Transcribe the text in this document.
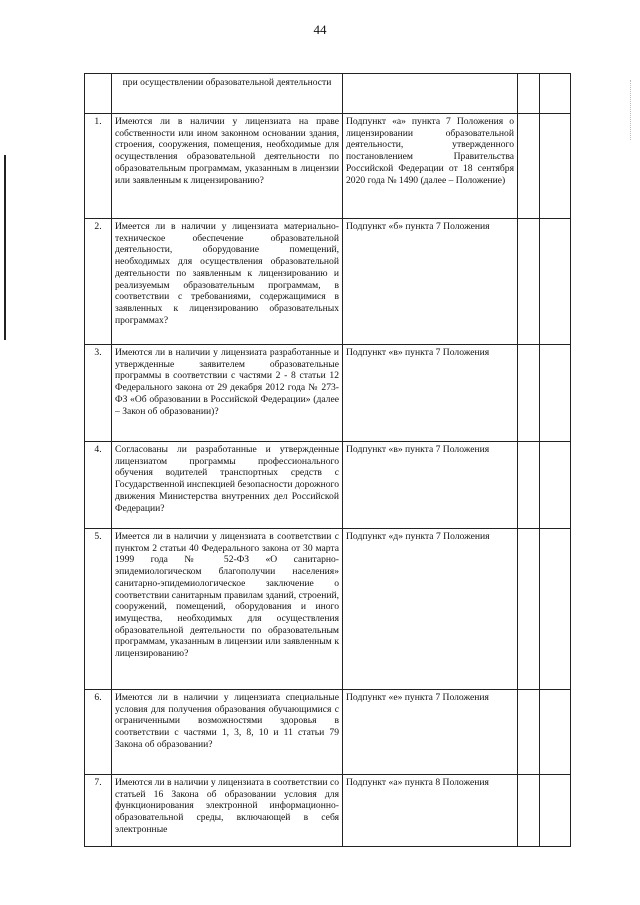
44
	при осуществлении образовательной деятельности			
1.	Имеются ли в наличии у лицензиата на праве собственности или ином законном основании здания, строения, сооружения, помещения, необходимые для осуществления образовательной деятельности по образовательным программам, указанным в лицензии или заявленным к лицензированию?	Подпункт «а» пункта 7 Положения о лицензировании образовательной деятельности, утвержденного постановлением Правительства Российской Федерации от 18 сентября 2020 года № 1490 (далее – Положение)		
2.	Имеется ли в наличии у лицензиата материально-техническое обеспечение образовательной деятельности, оборудование помещений, необходимых для осуществления образовательной деятельности по заявленным к лицензированию и реализуемым образовательным программам, в соответствии с требованиями, содержащимися в заявленных к лицензированию образовательных программах?	Подпункт «б» пункта 7 Положения		
3.	Имеются ли в наличии у лицензиата разработанные и утвержденные заявителем образовательные программы в соответствии с частями 2 - 8 статьи 12 Федерального закона от 29 декабря 2012 года № 273-ФЗ «Об образовании в Российской Федерации» (далее – Закон об образовании)?	Подпункт «в» пункта 7 Положения		
4.	Согласованы ли разработанные и утвержденные лицензиатом программы профессионального обучения водителей транспортных средств с Государственной инспекцией безопасности дорожного движения Министерства внутренних дел Российской Федерации?	Подпункт «в» пункта 7 Положения		
5.	Имеется ли в наличии у лицензиата в соответствии с пунктом 2 статьи 40 Федерального закона от 30 марта 1999 года № 52-ФЗ «О санитарно-эпидемиологическом благополучии населения» санитарно-эпидемиологическое заключение о соответствии санитарным правилам зданий, строений, сооружений, помещений, оборудования и иного имущества, необходимых для осуществления образовательной деятельности по образовательным программам, указанным в лицензии или заявленным к лицензированию?	Подпункт «д» пункта 7 Положения		
6.	Имеются ли в наличии у лицензиата специальные условия для получения образования обучающимися с ограниченными возможностями здоровья в соответствии с частями 1, 3, 8, 10 и 11 статьи 79 Закона об образовании?	Подпункт «е» пункта 7 Положения		
7.	Имеются ли в наличии у лицензиата в соответствии со статьей 16 Закона об образовании условия для функционирования электронной информационно-образовательной среды, включающей в себя электронные	Подпункт «а» пункта 8 Положения		
